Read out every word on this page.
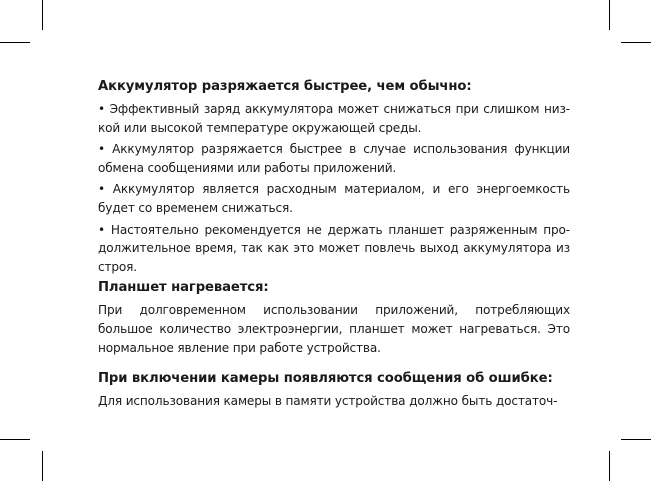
Аккумулятор разряжается быстрее, чем обычно:

• Эффективный заряд аккумулятора может снижаться при слишком низ-кой или высокой температуре окружающей среды.

• Аккумулятор разряжается быстрее в случае использования функции обмена сообщениями или работы приложений.

• Аккумулятор является расходным материалом, и его энергоемкость будет со временем снижаться.

• Настоятельно рекомендуется не держать планшет разряженным про-должительное время, так как это может повлечь выход аккумулятора из строя.

Планшет нагревается:

При долговременном использовании приложений, потребляющих большое количество электроэнергии, планшет может нагреваться. Это нормальное явление при работе устройства.

При включении камеры появляются сообщения об ошибке:

Для использования камеры в памяти устройства должно быть достаточ-
